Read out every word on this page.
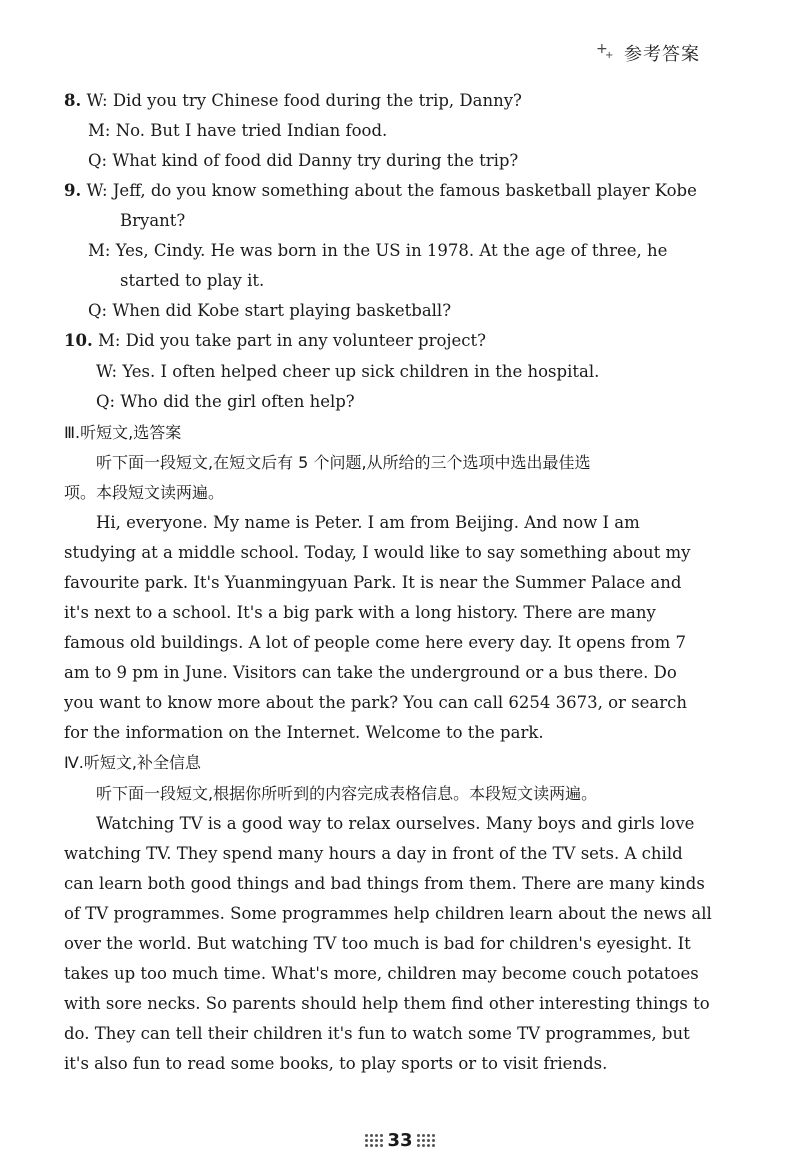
+
+ 参考答案
8. W: Did you try Chinese food during the trip, Danny?
M: No. But I have tried Indian food.
Q: What kind of food did Danny try during the trip?
9. W: Jeff, do you know something about the famous basketball player Kobe
Bryant?
M: Yes, Cindy. He was born in the US in 1978. At the age of three, he
started to play it.
Q: When did Kobe start playing basketball?
10. M: Did you take part in any volunteer project?
W: Yes. I often helped cheer up sick children in the hospital.
Q: Who did the girl often help?
Ⅲ.听短文,选答案
听下面一段短文,在短文后有 5 个问题,从所给的三个选项中选出最佳选
项。本段短文读两遍。
Hi, everyone. My name is Peter. I am from Beijing. And now I am
studying at a middle school. Today, I would like to say something about my
favourite park. It's Yuanmingyuan Park. It is near the Summer Palace and
it's next to a school. It's a big park with a long history. There are many
famous old buildings. A lot of people come here every day. It opens from 7
am to 9 pm in June. Visitors can take the underground or a bus there. Do
you want to know more about the park? You can call 6254 3673, or search
for the information on the Internet. Welcome to the park.
Ⅳ.听短文,补全信息
听下面一段短文,根据你所听到的内容完成表格信息。本段短文读两遍。
Watching TV is a good way to relax ourselves. Many boys and girls love
watching TV. They spend many hours a day in front of the TV sets. A child
can learn both good things and bad things from them. There are many kinds
of TV programmes. Some programmes help children learn about the news all
over the world. But watching TV too much is bad for children's eyesight. It
takes up too much time. What's more, children may become couch potatoes
with sore necks. So parents should help them find other interesting things to
do. They can tell their children it's fun to watch some TV programmes, but
it's also fun to read some books, to play sports or to visit friends.
33
